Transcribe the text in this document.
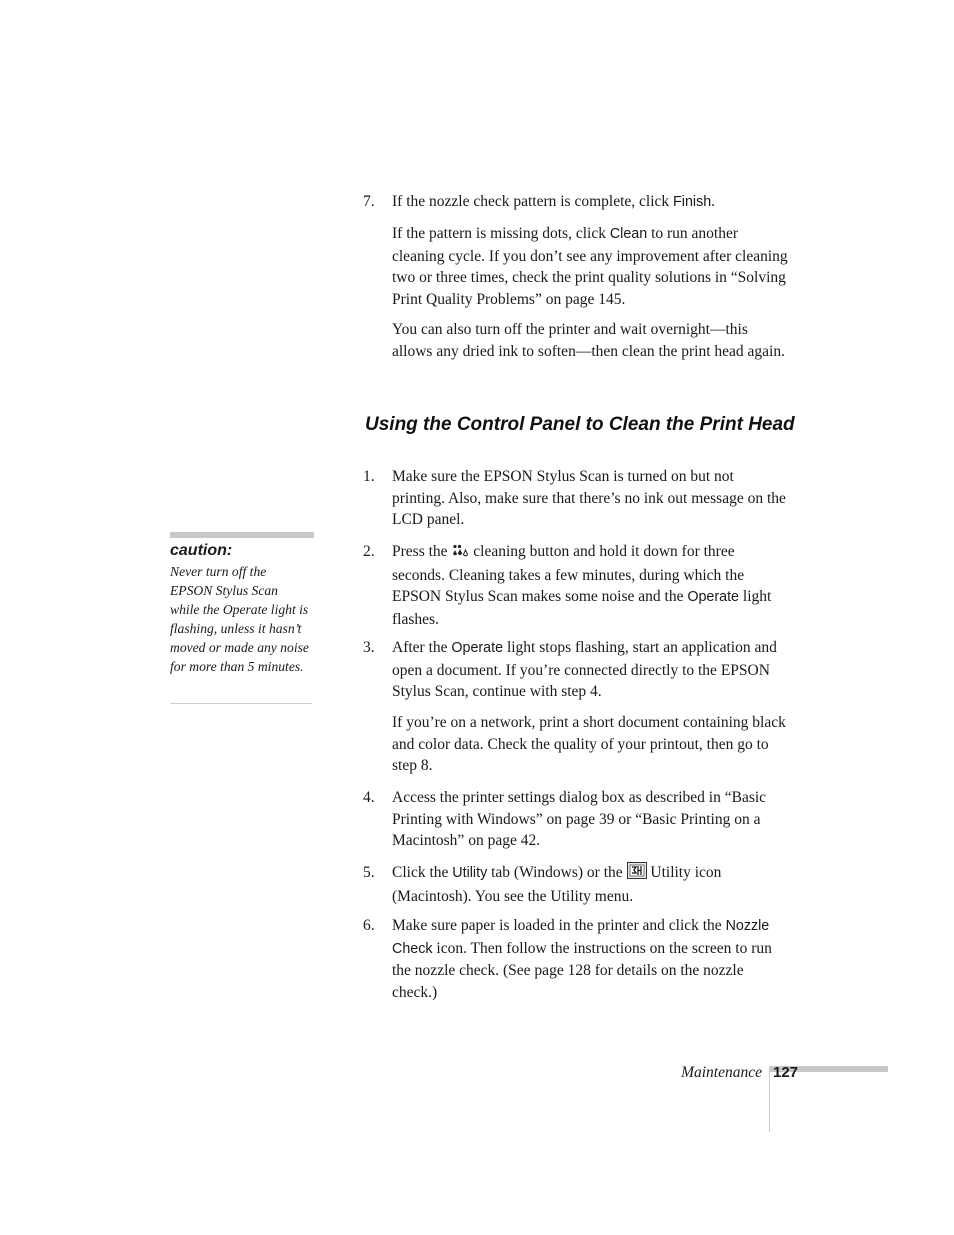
7. If the nozzle check pattern is complete, click Finish.
If the pattern is missing dots, click Clean to run another cleaning cycle. If you don’t see any improvement after cleaning two or three times, check the print quality solutions in “Solving Print Quality Problems” on page 145.
You can also turn off the printer and wait overnight—this allows any dried ink to soften—then clean the print head again.
Using the Control Panel to Clean the Print Head
1. Make sure the EPSON Stylus Scan is turned on but not printing. Also, make sure that there’s no ink out message on the LCD panel.
2. Press the  cleaning button and hold it down for three seconds. Cleaning takes a few minutes, during which the EPSON Stylus Scan makes some noise and the Operate light flashes.
3. After the Operate light stops flashing, start an application and open a document. If you’re connected directly to the EPSON Stylus Scan, continue with step 4.
If you’re on a network, print a short document containing black and color data. Check the quality of your printout, then go to step 8.
4. Access the printer settings dialog box as described in “Basic Printing with Windows” on page 39 or “Basic Printing on a Macintosh” on page 42.
5. Click the Utility tab (Windows) or the  Utility icon (Macintosh). You see the Utility menu.
6. Make sure paper is loaded in the printer and click the Nozzle Check icon. Then follow the instructions on the screen to run the nozzle check. (See page 128 for details on the nozzle check.)
caution:
Never turn off the EPSON Stylus Scan while the Operate light is flashing, unless it hasn’t moved or made any noise for more than 5 minutes.
Maintenance 127
